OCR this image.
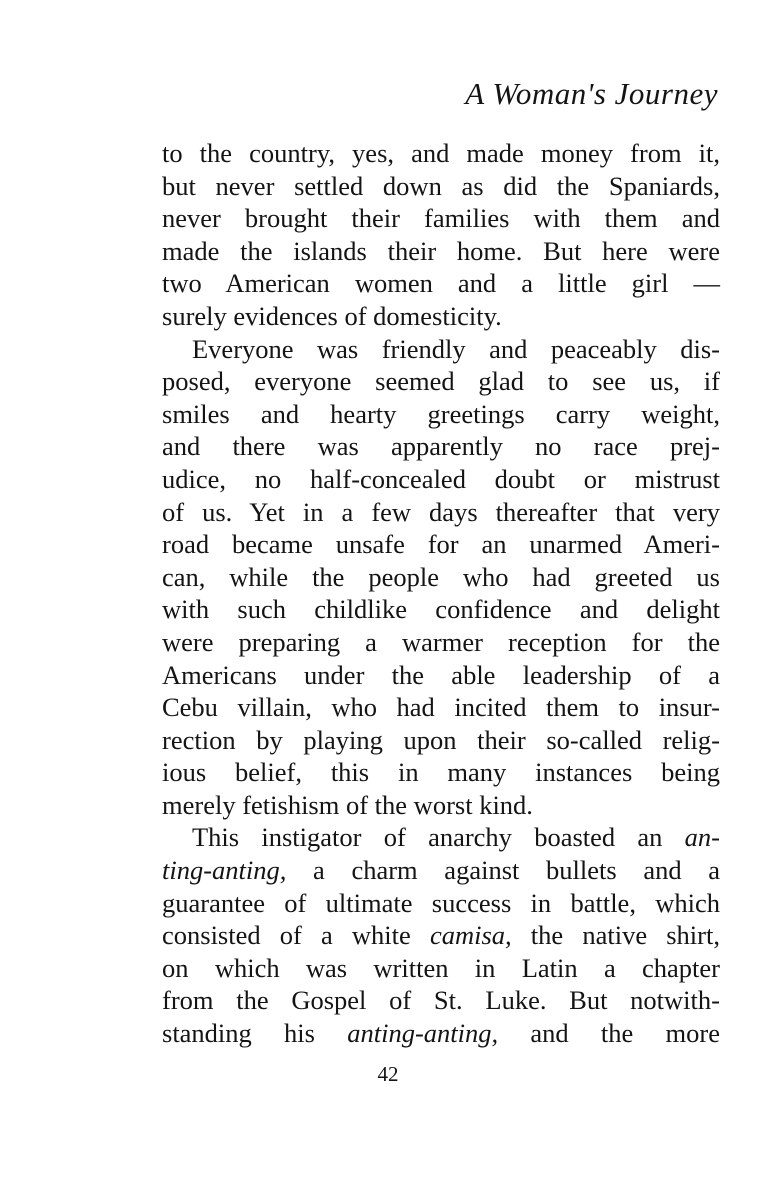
A Woman's Journey
to the country, yes, and made money from it,
but never settled down as did the Spaniards,
never brought their families with them and
made the islands their home. But here were
two American women and a little girl —
surely evidences of domesticity.
Everyone was friendly and peaceably dis-
posed, everyone seemed glad to see us, if
smiles and hearty greetings carry weight,
and there was apparently no race prej-
udice, no half-concealed doubt or mistrust
of us. Yet in a few days thereafter that very
road became unsafe for an unarmed Ameri-
can, while the people who had greeted us
with such childlike confidence and delight
were preparing a warmer reception for the
Americans under the able leadership of a
Cebu villain, who had incited them to insur-
rection by playing upon their so-called relig-
ious belief, this in many instances being
merely fetishism of the worst kind.
This instigator of anarchy boasted an an-
ting-anting, a charm against bullets and a
guarantee of ultimate success in battle, which
consisted of a white camisa, the native shirt,
on which was written in Latin a chapter
from the Gospel of St. Luke. But notwith-
standing his anting-anting, and the more
42
